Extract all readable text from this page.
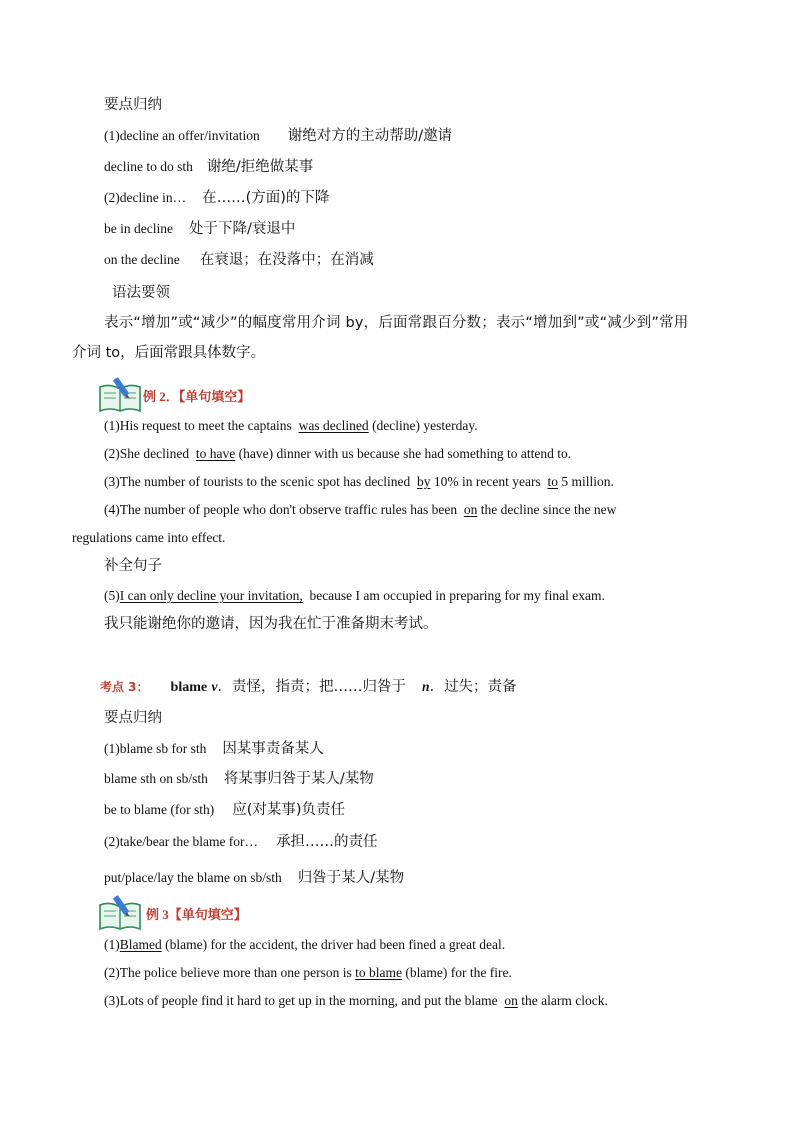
要点归纳
(1)decline an offer/invitation 谢绝对方的主动帮助/邀请
decline to do sth 谢绝/拒绝做某事
(2)decline in… 在……(方面)的下降
be in decline 处于下降/衰退中
on the decline 在衰退；在没落中；在消减
语法要领
表示“增加”或“减少”的幅度常用介词 by，后面常跟百分数；表示“增加到”或“减少到”常用
介词 to，后面常跟具体数字。
例 2．【单句填空】
(1)His request to meet the captains was declined (decline) yesterday.
(2)She declined to have (have) dinner with us because she had something to attend to.
(3)The number of tourists to the scenic spot has declined by 10% in recent years to 5 million.
(4)The number of people who don't observe traffic rules has been on the decline since the new
regulations came into effect.
补全句子
(5)I can only decline your invitation, because I am occupied in preparing for my final exam.
我只能谢绝你的邀请，因为我在忙于准备期末考试。
考点 3： blame v．责怪，指责；把……归咎于 n．过失；责备
要点归纳
(1)blame sb for sth 因某事责备某人
blame sth on sb/sth 将某事归咎于某人/某物
be to blame (for sth) 应(对某事)负责任
(2)take/bear the blame for… 承担……的责任
put/place/lay the blame on sb/sth 归咎于某人/某物
例 3【单句填空】
(1)Blamed (blame) for the accident, the driver had been fined a great deal.
(2)The police believe more than one person is to blame (blame) for the fire.
(3)Lots of people find it hard to get up in the morning, and put the blame on the alarm clock.
